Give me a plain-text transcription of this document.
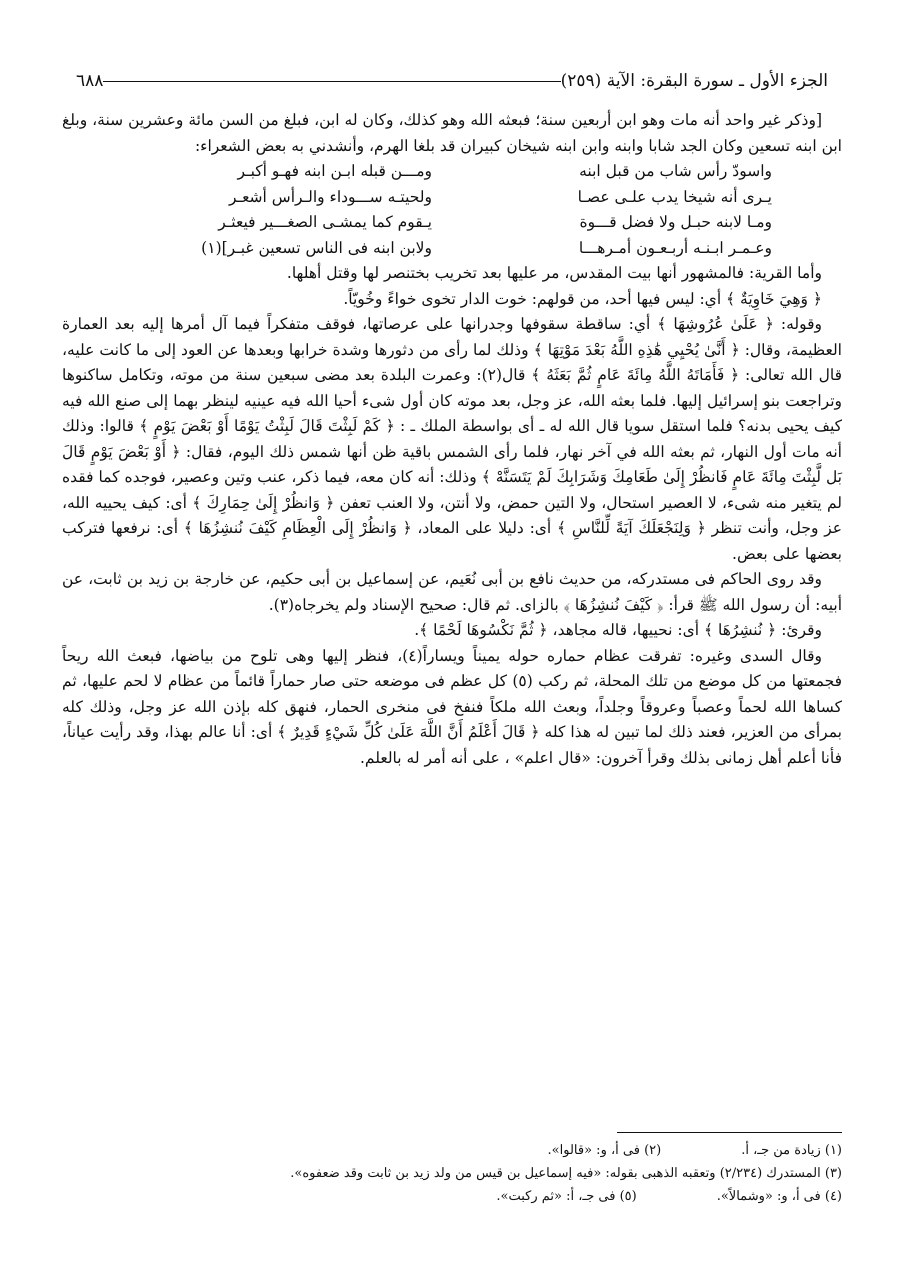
الجزء الأول ـ سورة البقرة: الآية (٢٥٩)
٦٨٨

[وذكر غير واحد أنه مات وهو ابن أربعين سنة؛ فبعثه الله وهو كذلك، وكان له ابن، فبلغ من السن مائة وعشرين سنة، وبلغ ابن ابنه تسعين وكان الجد شابا وابنه وابن ابنه شيخان كبيران قد بلغا الهرم، وأنشدني به بعض الشعراء:

واسودّ رأس شاب من قبل ابنه
ومـــن قبله ابـن ابنه فهـو أكبـر
يـرى أنه شيخا يدب علـى عصـا
ولحيتـه ســـوداء والـرأس أشعـر
ومـا لابنه حبـل ولا فضل قـــوة
يـقوم كما يمشـى الصغـــير فيعثـر
وعـمـر ابـنـه أربـعـون أمـرهـــا
ولابن ابنه فى الناس تسعين غبـر](١)

وأما القرية: فالمشهور أنها بيت المقدس، مر عليها بعد تخريب بختنصر لها وقتل أهلها.

﴿ وَهِيَ خَاوِيَةٌ ﴾ أي: ليس فيها أحد، من قولهم: خوت الدار تخوى خواءً وخُويّاً.

وقوله: ﴿ عَلَىٰ عُرُوشِهَا ﴾ أي: ساقطة سقوفها وجدرانها على عرصاتها، فوقف متفكراً فيما آل أمرها إليه بعد العمارة العظيمة، وقال: ﴿ أَنَّىٰ يُحْيِي هَٰذِهِ اللَّهُ بَعْدَ مَوْتِهَا ﴾ وذلك لما رأى من دثورها وشدة خرابها وبعدها عن العود إلى ما كانت عليه، قال الله تعالى: ﴿ فَأَمَاتَهُ اللَّهُ مِائَةَ عَامٍ ثُمَّ بَعَثَهُ ﴾ قال(٢): وعمرت البلدة بعد مضى سبعين سنة من موته، وتكامل ساكنوها وتراجعت بنو إسرائيل إليها. فلما بعثه الله، عز وجل، بعد موته كان أول شىء أحيا الله فيه عينيه لينظر بهما إلى صنع الله فيه كيف يحيى بدنه؟ فلما استقل سويا قال الله له ـ أى بواسطة الملك ـ : ﴿ كَمْ لَبِثْتَ قَالَ لَبِثْتُ يَوْمًا أَوْ بَعْضَ يَوْمٍ ﴾ قالوا: وذلك أنه مات أول النهار، ثم بعثه الله في آخر نهار، فلما رأى الشمس باقية ظن أنها شمس ذلك اليوم، فقال: ﴿ أَوْ بَعْضَ يَوْمٍ قَالَ بَل لَّبِثْتَ مِائَةَ عَامٍ فَانظُرْ إِلَىٰ طَعَامِكَ وَشَرَابِكَ لَمْ يَتَسَنَّهْ ﴾ وذلك: أنه كان معه، فيما ذكر، عنب وتين وعصير، فوجده كما فقده لم يتغير منه شىء، لا العصير استحال، ولا التين حمض، ولا أنتن، ولا العنب تعفن ﴿ وَانظُرْ إِلَىٰ حِمَارِكَ ﴾ أى: كيف يحييه الله، عز وجل، وأنت تنظر ﴿ وَلِنَجْعَلَكَ آيَةً لِّلنَّاسِ ﴾ أى: دليلا على المعاد، ﴿ وَانظُرْ إِلَى الْعِظَامِ كَيْفَ نُنشِزُهَا ﴾ أى: نرفعها فتركب بعضها على بعض.

وقد روى الحاكم فى مستدركه، من حديث نافع بن أبى نُعَيم، عن إسماعيل بن أبى حكيم، عن خارجة بن زيد بن ثابت، عن أبيه: أن رسول الله ﷺ قرأ: ﴿ كَيْفَ نُنشِزُهَا ﴾ بالزاى. ثم قال: صحيح الإسناد ولم يخرجاه(٣).

وقرئ: ﴿ نُنشِرُهَا ﴾ أى: نحييها، قاله مجاهد، ﴿ ثُمَّ نَكْسُوهَا لَحْمًا ﴾.

وقال السدى وغيره: تفرقت عظام حماره حوله يميناً ويساراً(٤)، فنظر إليها وهى تلوح من بياضها، فبعث الله ريحاً فجمعتها من كل موضع من تلك المحلة، ثم ركب (٥) كل عظم فى موضعه حتى صار حماراً قائماً من عظام لا لحم عليها، ثم كساها الله لحماً وعصباً وعروقاً وجلداً، وبعث الله ملكاً فنفخ فى منخرى الحمار، فنهق كله بإذن الله عز وجل، وذلك كله بمرأى من العزير، فعند ذلك لما تبين له هذا كله ﴿ قَالَ أَعْلَمُ أَنَّ اللَّهَ عَلَىٰ كُلِّ شَيْءٍ قَدِيرٌ ﴾ أى: أنا عالم بهذا، وقد رأيت عياناً، فأنا أعلم أهل زمانى بذلك وقرأ آخرون: «قال اعلم» ، على أنه أمر له بالعلم.

(١) زيادة من جـ، أ.
(٢) فى أ، و: «قالوا».
(٣) المستدرك (٢/٢٣٤) وتعقبه الذهبى بقوله: «فيه إسماعيل بن قيس من ولد زيد بن ثابت وقد ضعفوه».
(٤) فى أ، و: «وشمالاً».
(٥) فى جـ، أ: «ثم ركبت».
